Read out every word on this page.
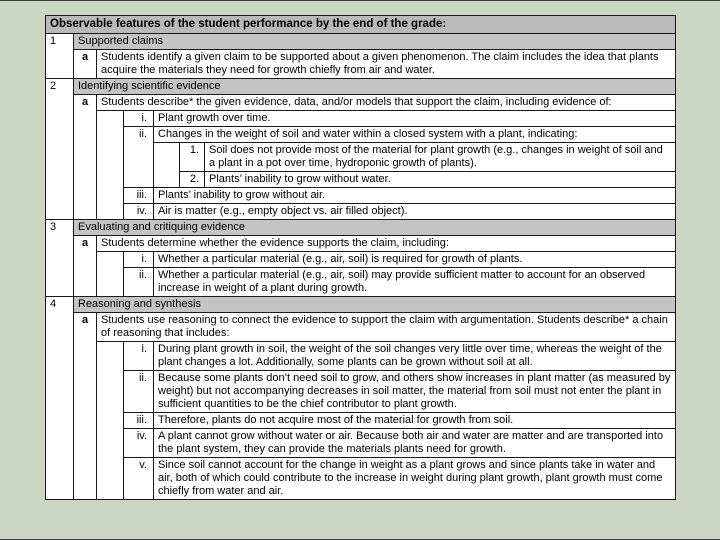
Observable features of the student performance by the end of the grade:
1	Supported claims
a	Students identify a given claim to be supported about a given phenomenon. The claim includes the idea that plants acquire the materials they need for growth chiefly from air and water.
2	Identifying scientific evidence
a	Students describe* the given evidence, data, and/or models that support the claim, including evidence of:
i.	Plant growth over time.
ii.	Changes in the weight of soil and water within a closed system with a plant, indicating:
1. Soil does not provide most of the material for plant growth (e.g., changes in weight of soil and a plant in a pot over time, hydroponic growth of plants).
2. Plants’ inability to grow without water.
iii.	Plants’ inability to grow without air.
iv.	Air is matter (e.g., empty object vs. air filled object).
3	Evaluating and critiquing evidence
a	Students determine whether the evidence supports the claim, including:
i.	Whether a particular material (e.g., air, soil) is required for growth of plants.
ii.	Whether a particular material (e.g., air, soil) may provide sufficient matter to account for an observed increase in weight of a plant during growth.
4	Reasoning and synthesis
a	Students use reasoning to connect the evidence to support the claim with argumentation. Students describe* a chain of reasoning that includes:
i.	During plant growth in soil, the weight of the soil changes very little over time, whereas the weight of the plant changes a lot. Additionally, some plants can be grown without soil at all.
ii.	Because some plants don’t need soil to grow, and others show increases in plant matter (as measured by weight) but not accompanying decreases in soil matter, the material from soil must not enter the plant in sufficient quantities to be the chief contributor to plant growth.
iii.	Therefore, plants do not acquire most of the material for growth from soil.
iv.	A plant cannot grow without water or air. Because both air and water are matter and are transported into the plant system, they can provide the materials plants need for growth.
v.	Since soil cannot account for the change in weight as a plant grows and since plants take in water and air, both of which could contribute to the increase in weight during plant growth, plant growth must come chiefly from water and air.
